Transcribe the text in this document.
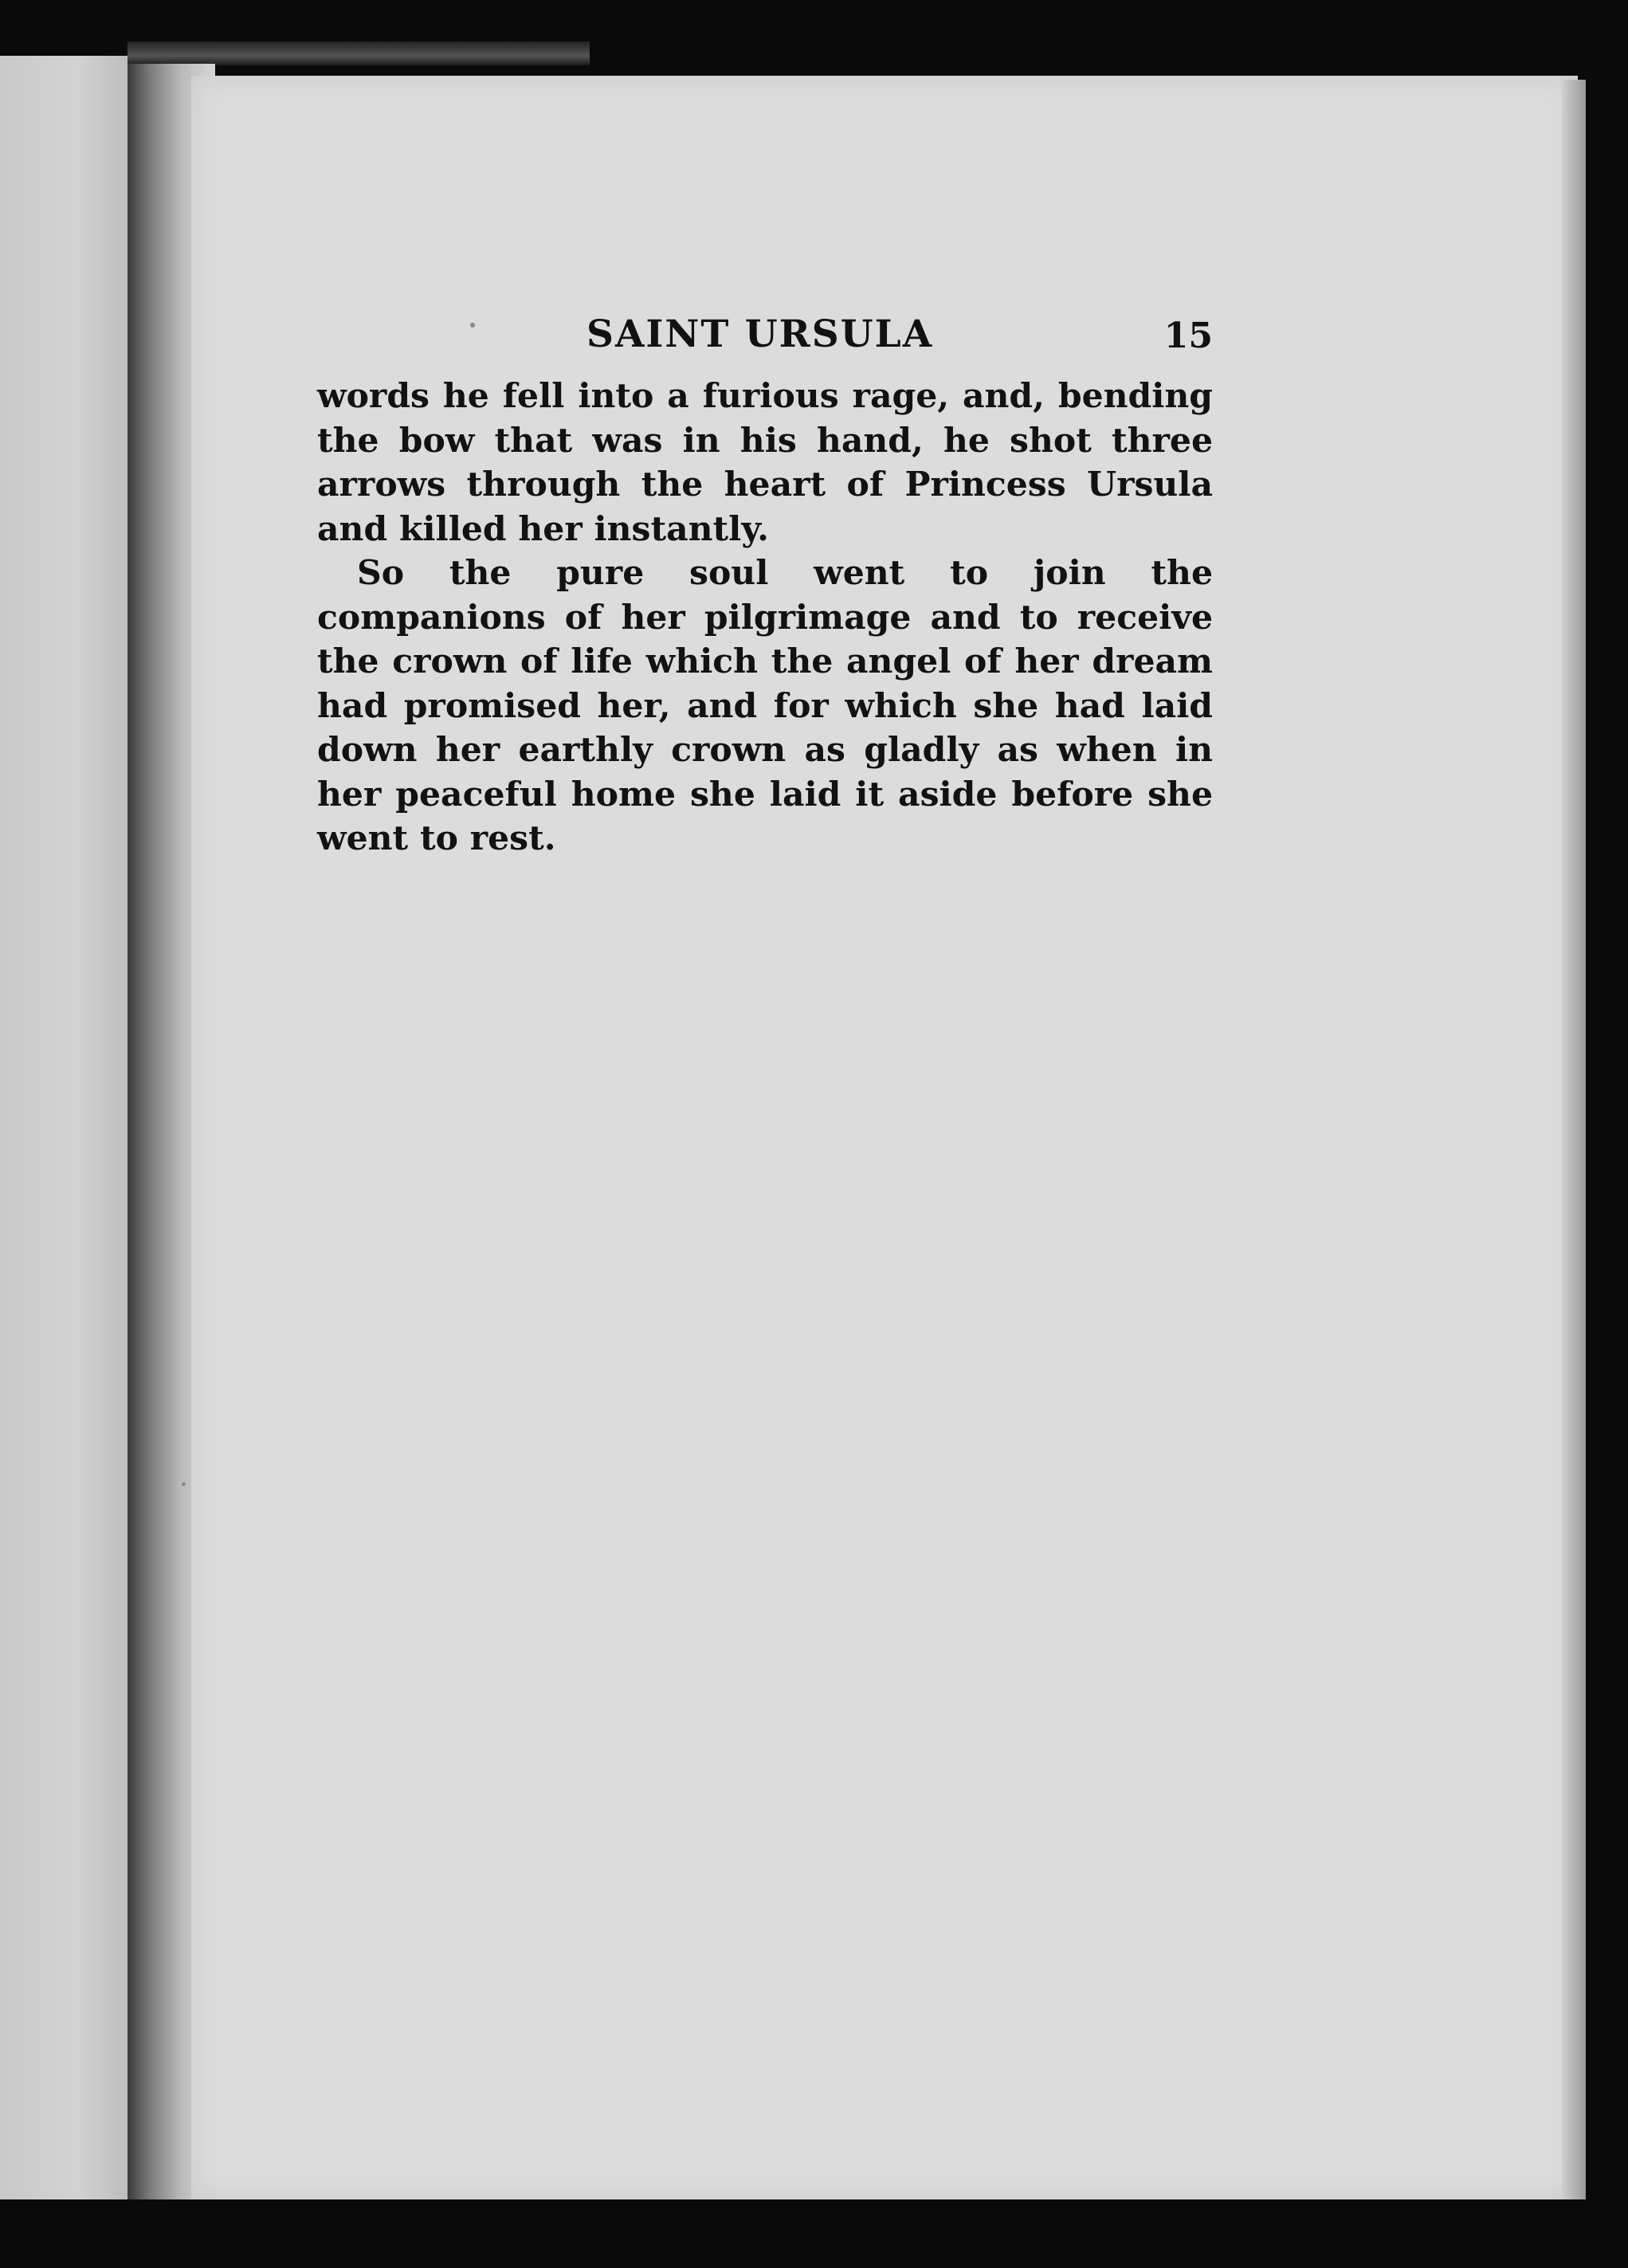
SAINT URSULA	15

words he fell into a furious rage, and, bending the bow that was in his hand, he shot three arrows through the heart of Princess Ursula and killed her instantly.

So the pure soul went to join the companions of her pilgrimage and to receive the crown of life which the angel of her dream had promised her, and for which she had laid down her earthly crown as gladly as when in her peaceful home she laid it aside before she went to rest.
